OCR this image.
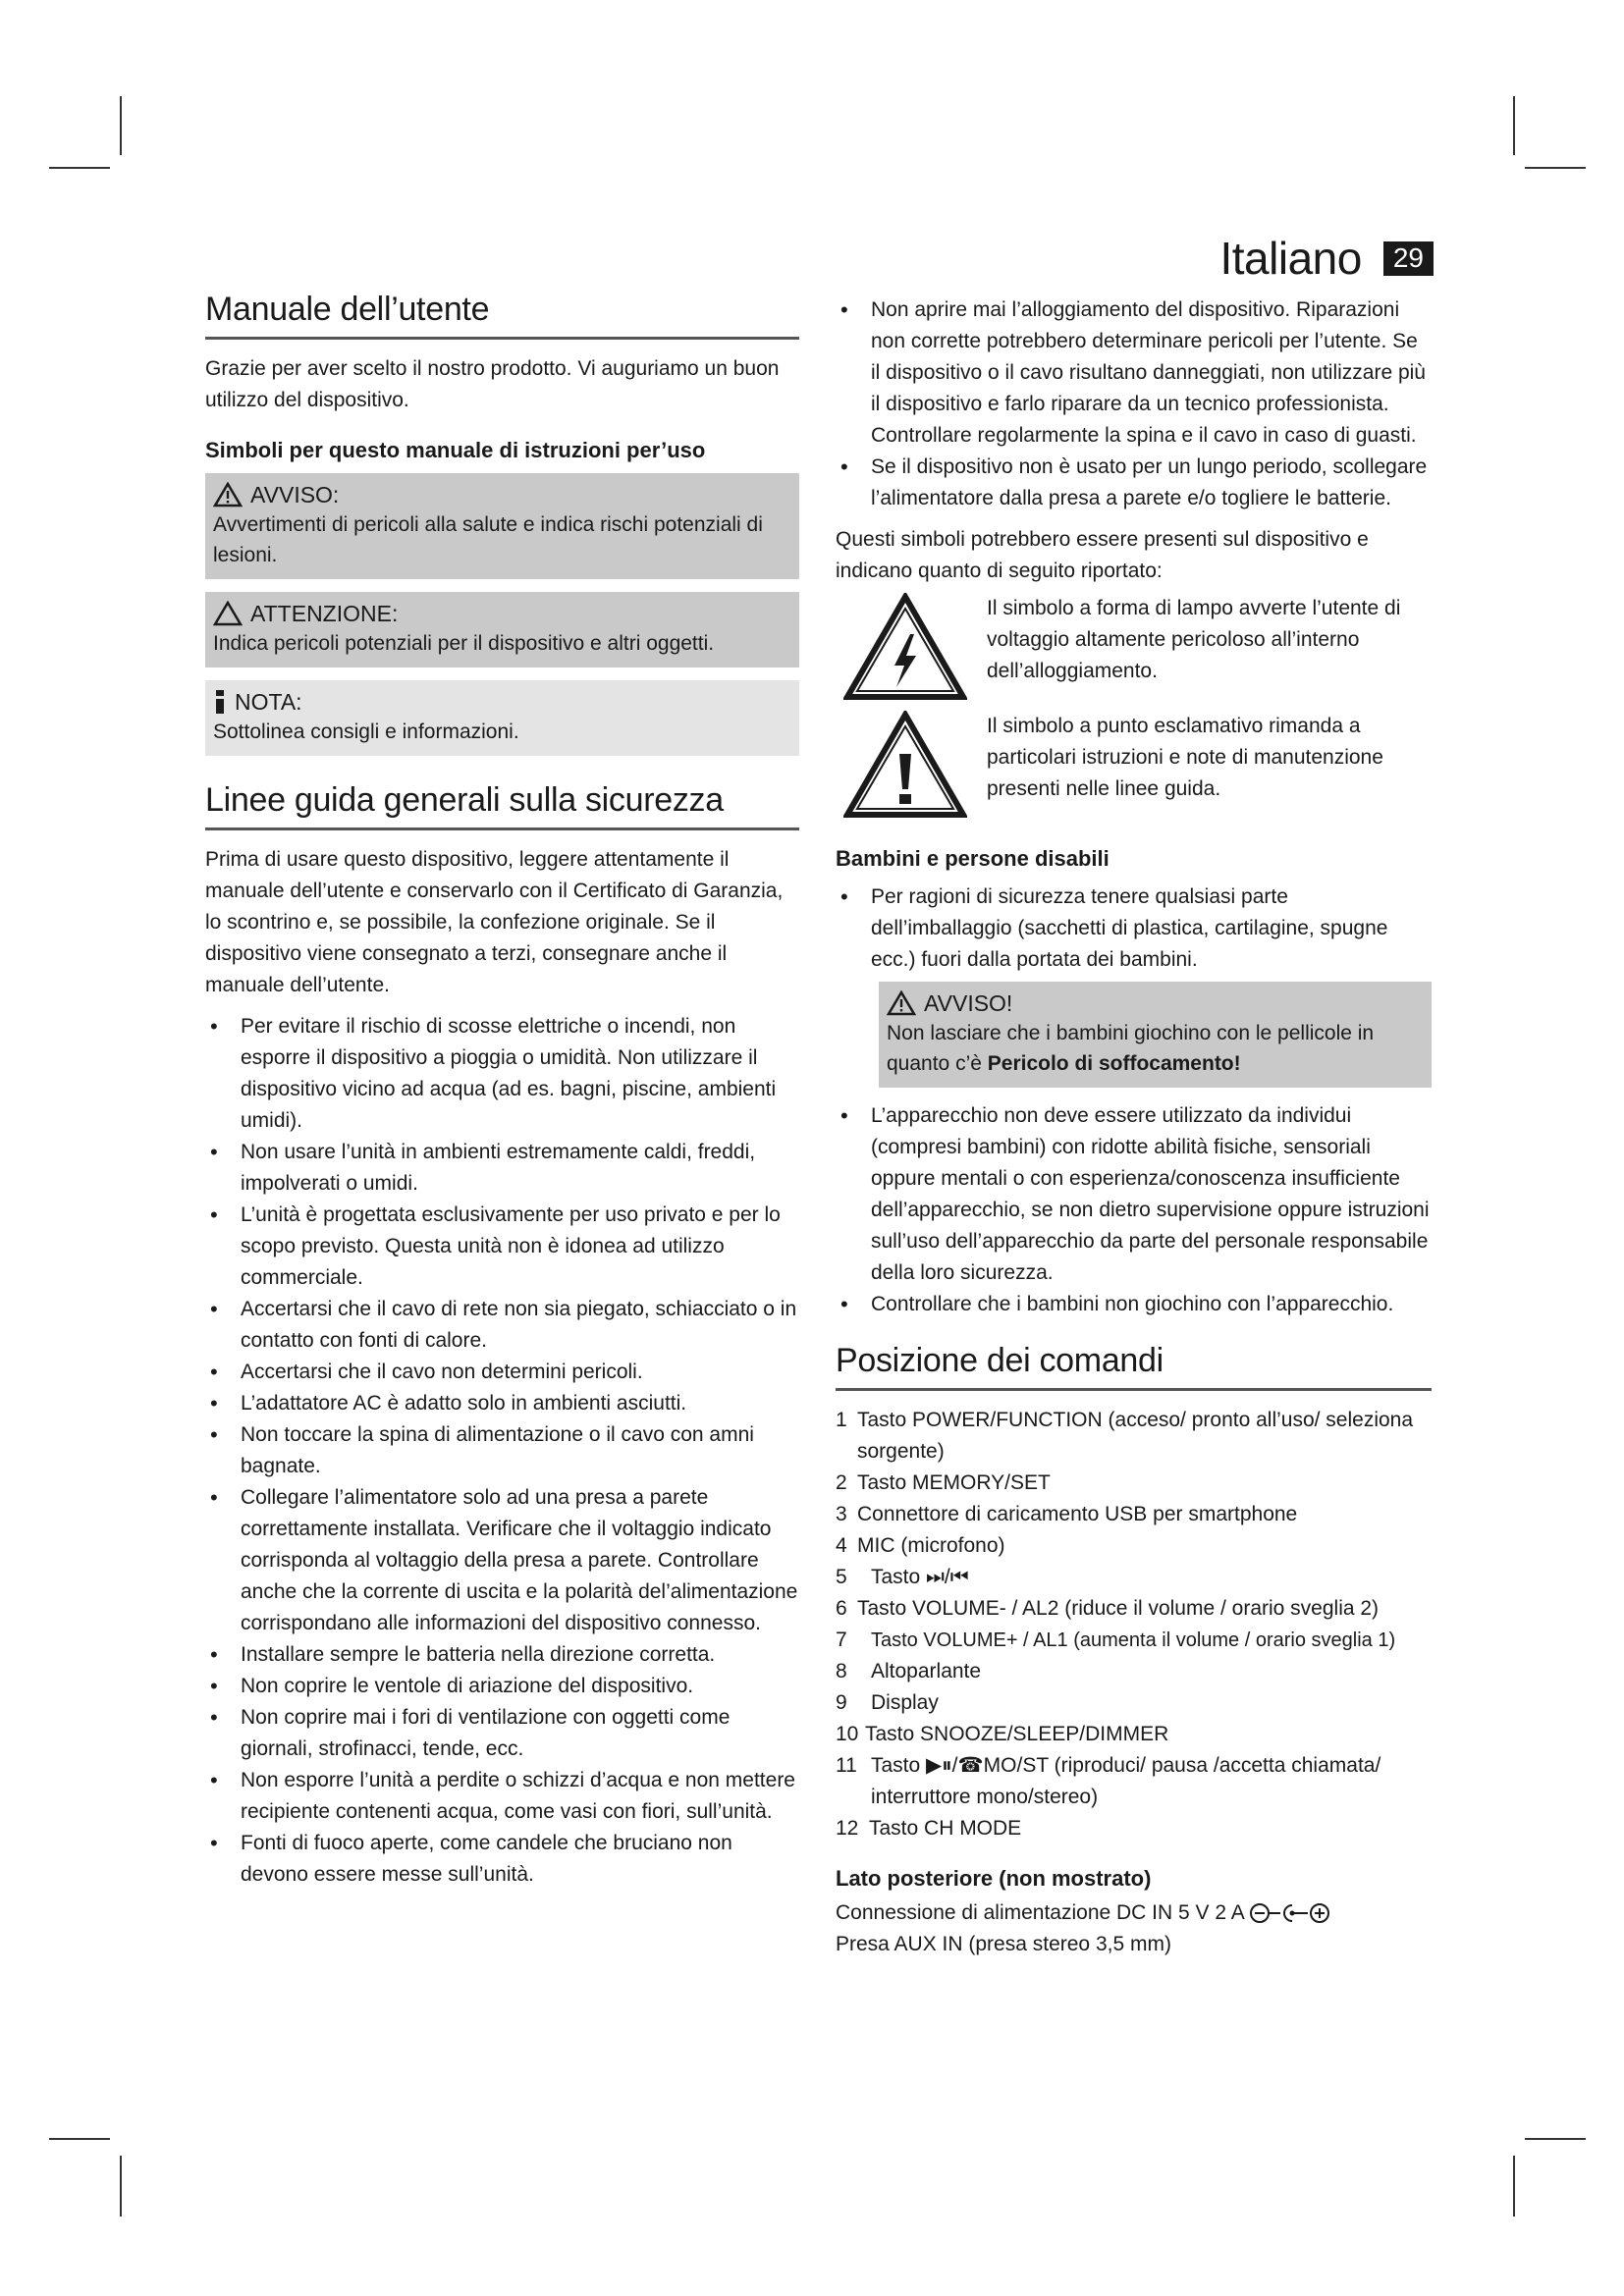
Italiano	29
Manuale dell’utente

Grazie per aver scelto il nostro prodotto. Vi auguriamo un buon utilizzo del dispositivo.

Simboli per questo manuale di istruzioni per’uso
AVVISO:
Avvertimenti di pericoli alla salute e indica rischi potenziali di lesioni.
ATTENZIONE:
Indica pericoli potenziali per il dispositivo e altri oggetti.
NOTA:
Sottolinea consigli e informazioni.
Linee guida generali sulla sicurezza

Prima di usare questo dispositivo, leggere attentamente il manuale dell’utente e conservarlo con il Certificato di Garanzia, lo scontrino e, se possibile, la confezione originale. Se il dispositivo viene consegnato a terzi, consegnare anche il manuale dell’utente.

• Per evitare il rischio di scosse elettriche o incendi, non esporre il dispositivo a pioggia o umidità. Non utilizzare il dispositivo vicino ad acqua (ad es. bagni, piscine, ambienti umidi).
• Non usare l’unità in ambienti estremamente caldi, freddi, impolverati o umidi.
• L’unità è progettata esclusivamente per uso privato e per lo scopo previsto. Questa unità non è idonea ad utilizzo commerciale.
• Accertarsi che il cavo di rete non sia piegato, schiacciato o in contatto con fonti di calore.
• Accertarsi che il cavo non determini pericoli.
• L’adattatore AC è adatto solo in ambienti asciutti.
• Non toccare la spina di alimentazione o il cavo con amni bagnate.
• Collegare l’alimentatore solo ad una presa a parete correttamente installata. Verificare che il voltaggio indicato corrisponda al voltaggio della presa a parete. Controllare anche che la corrente di uscita e la polarità del’alimentazione corrispondano alle informazioni del dispositivo connesso.
• Installare sempre le batteria nella direzione corretta.
• Non coprire le ventole di ariazione del dispositivo.
• Non coprire mai i fori di ventilazione con oggetti come giornali, strofinacci, tende, ecc.
• Non esporre l’unità a perdite o schizzi d’acqua e non mettere recipiente contenenti acqua, come vasi con fiori, sull’unità.
• Fonti di fuoco aperte, come candele che bruciano non devono essere messe sull’unità.
• Non aprire mai l’alloggiamento del dispositivo. Riparazioni non corrette potrebbero determinare pericoli per l’utente. Se il dispositivo o il cavo risultano danneggiati, non utilizzare più il dispositivo e farlo riparare da un tecnico professionista. Controllare regolarmente la spina e il cavo in caso di guasti.
• Se il dispositivo non è usato per un lungo periodo, scollegare l’alimentatore dalla presa a parete e/o togliere le batterie.

Questi simboli potrebbero essere presenti sul dispositivo e indicano quanto di seguito riportato:

Il simbolo a forma di lampo avverte l’utente di voltaggio altamente pericoloso all’interno dell’alloggiamento.

Il simbolo a punto esclamativo rimanda a particolari istruzioni e note di manutenzione presenti nelle linee guida.

Bambini e persone disabili
• Per ragioni di sicurezza tenere qualsiasi parte dell’imballaggio (sacchetti di plastica, cartilagine, spugne ecc.) fuori dalla portata dei bambini.
AVVISO!
Non lasciare che i bambini giochino con le pellicole in quanto c’è Pericolo di soffocamento!
• L’apparecchio non deve essere utilizzato da individui (compresi bambini) con ridotte abilità fisiche, sensoriali oppure mentali o con esperienza/conoscenza insufficiente dell’apparecchio, se non dietro supervisione oppure istruzioni sull’uso dell’apparecchio da parte del personale responsabile della loro sicurezza.
• Controllare che i bambini non giochino con l’apparecchio.
Posizione dei comandi
1 Tasto POWER/FUNCTION (acceso/ pronto all’uso/ seleziona sorgente)
2 Tasto MEMORY/SET
3 Connettore di caricamento USB per smartphone
4 MIC (microfono)
5	Tasto ⏭/⏮
6 Tasto VOLUME- / AL2 (riduce il volume / orario sveglia 2)
7	Tasto VOLUME+ / AL1 (aumenta il volume / orario sveglia 1)
8	Altoparlante
9	Display
10 Tasto SNOOZE/SLEEP/DIMMER
11 Tasto ▶⏸/☎MO/ST (riproduci/ pausa /accetta chiamata/ interruttore mono/stereo)
12 Tasto CH MODE
Lato posteriore (non mostrato)

Connessione di alimentazione DC IN 5 V 2 A

Presa AUX IN (presa stereo 3,5 mm)
